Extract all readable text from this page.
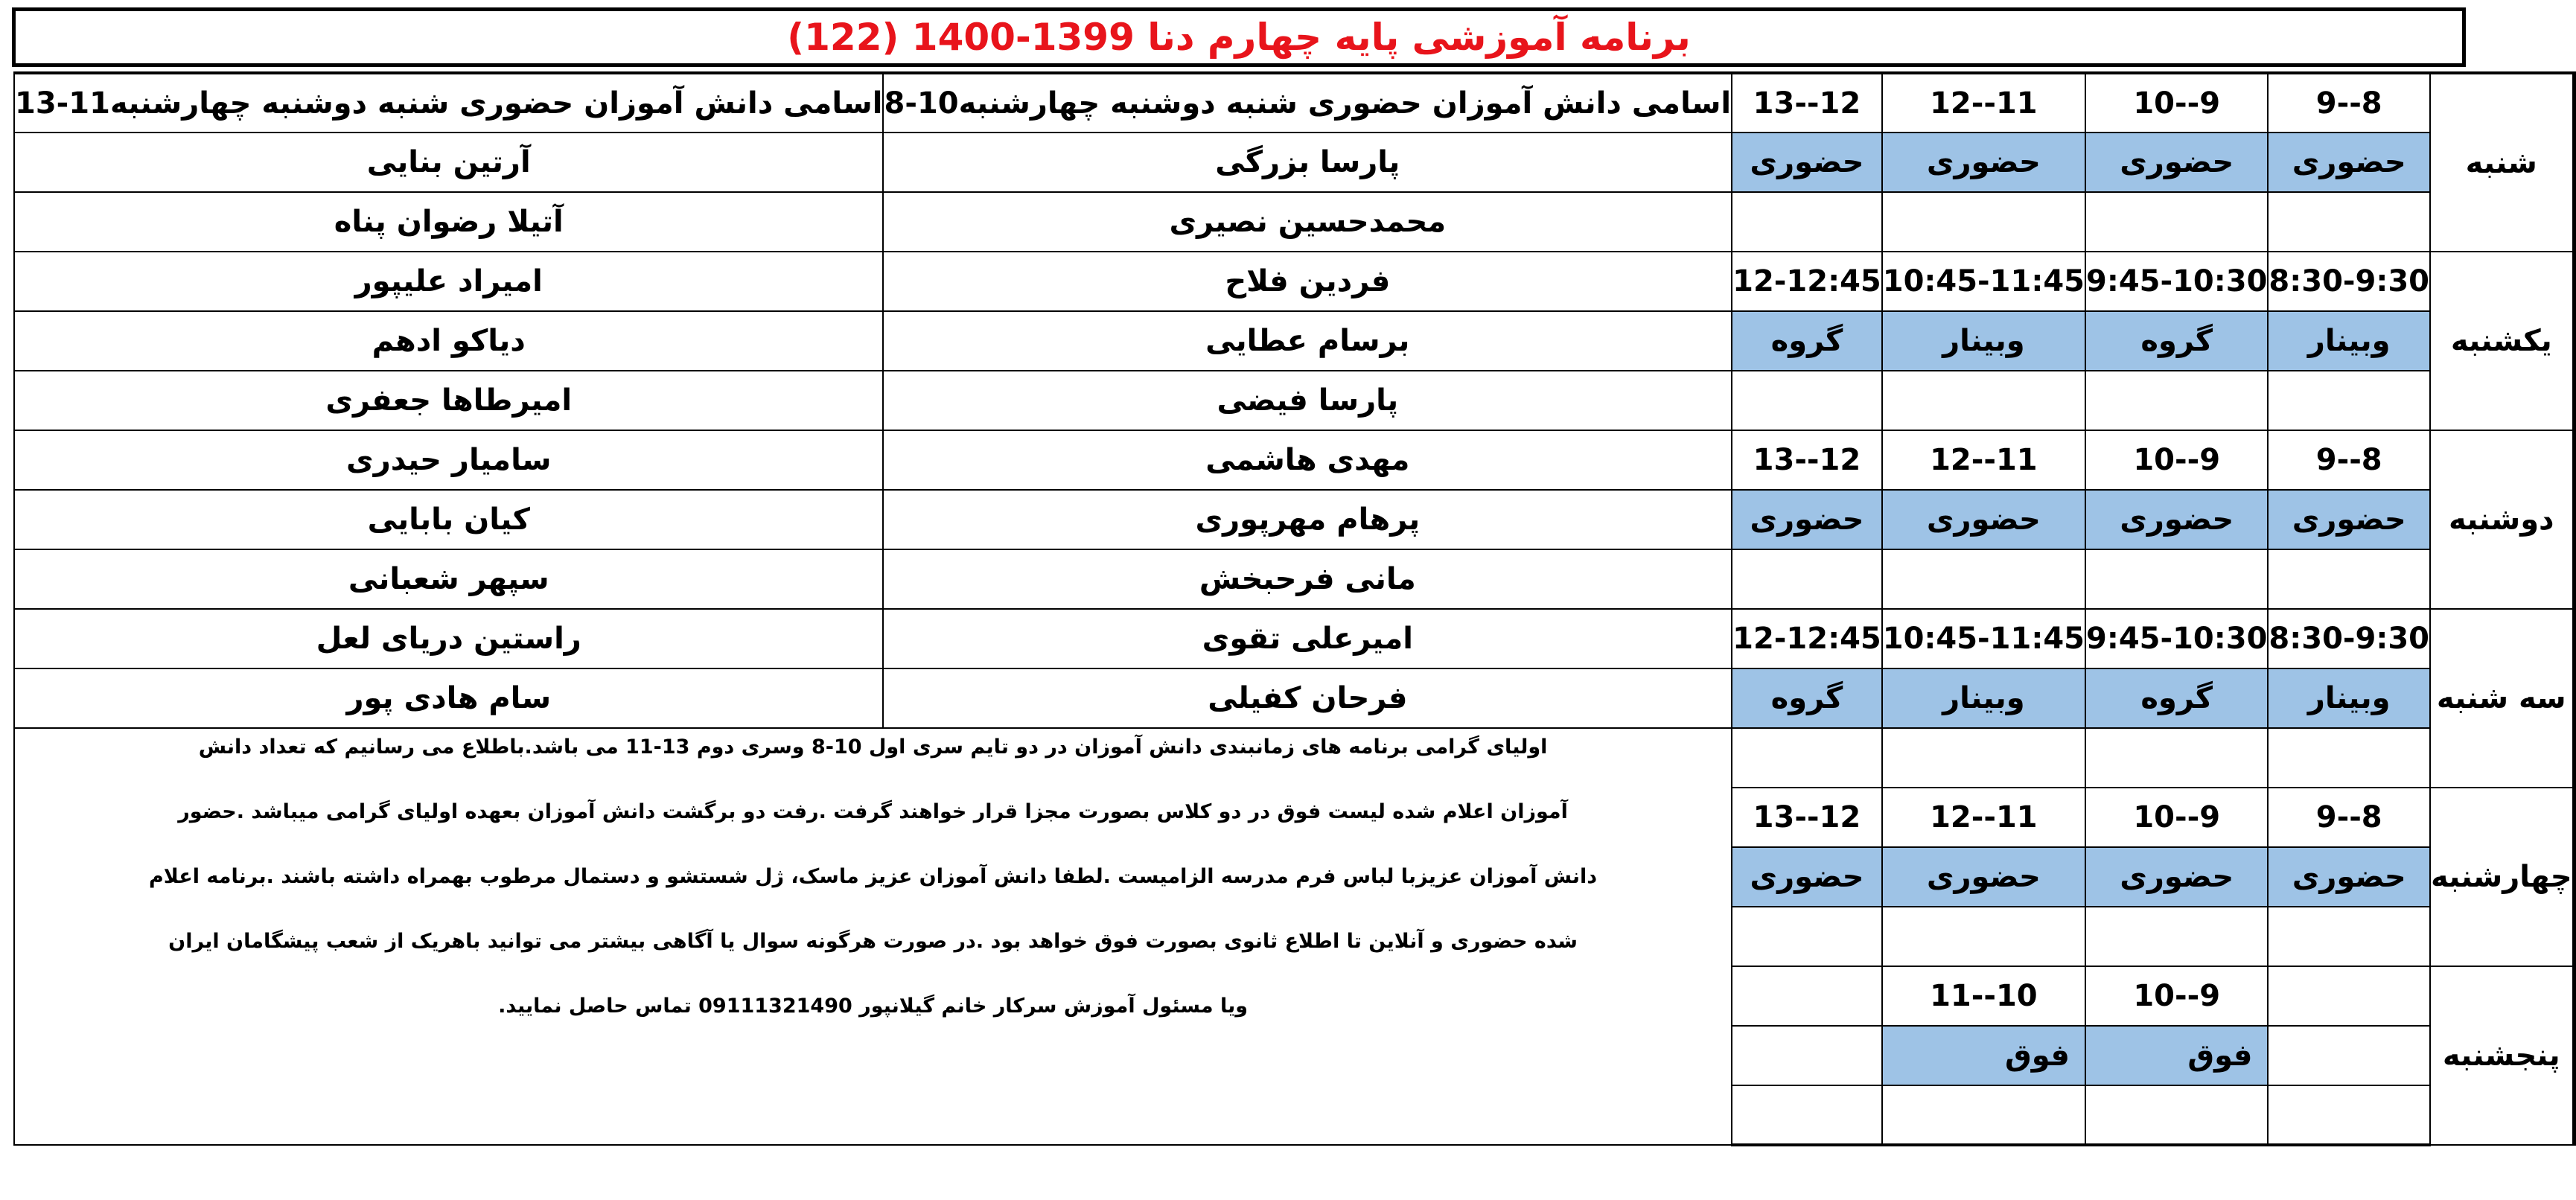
برنامه آموزشی پایه چهارم دنا 1399-1400 (122)
اسامی دانش آموزان حضوری شنبه دوشنبه چهارشنبه11-13	اسامی دانش آموزان حضوری شنبه دوشنبه چهارشنبه10-8	12--13	11--12	9--10	8--9	شنبه
آرتین بنایی	پارسا بزرگی	حضوری	حضوری	حضوری	حضوری	
آتیلا رضوان پناه	محمدحسین نصیری					
امیراد علیپور	فردین فلاح	12-12:45	10:45-11:45	9:45-10:30	8:30-9:30	یکشنبه
دیاکو ادهم	برسام عطایی	گروه	وبینار	گروه	وبینار	
امیرطاها جعفری	پارسا فیضی					
سامیار حیدری	مهدی هاشمی	12--13	11--12	9--10	8--9	دوشنبه
کیان بابایی	پرهام مهرپوری	حضوری	حضوری	حضوری	حضوری	
سپهر شعبانی	مانی فرحبخش					
راستین دریای لعل	امیرعلی تقوی	12-12:45	10:45-11:45	9:45-10:30	8:30-9:30	سه شنبه
سام هادی پور	فرحان کفیلی	گروه	وبینار	گروه	وبینار	

اولیای گرامی برنامه های زمانبندی دانش آموزان در دو تایم سری اول 10-8 وسری دوم 13-11 می باشد.باطلاع می رسانیم که تعداد دانش

آموزان اعلام شده لیست فوق در دو کلاس بصورت مجزا قرار خواهند گرفت .رفت دو برگشت دانش آموزان بعهده اولیای گرامی میباشد .حضور

دانش آموزان عزیزبا لباس فرم مدرسه الزامیست .لطفا دانش آموزان عزیز ماسک، ژل شستشو و دستمال مرطوب بهمراه داشته باشند .برنامه اعلام

شده حضوری و آنلاین تا اطلاع ثانوی بصورت فوق خواهد بود .در صورت هرگونه سوال یا آگاهی بیشتر می توانید باهریک از شعب پیشگامان ایران

ویا مسئول آموزش سرکار خانم گیلانپور 09111321490 تماس حاصل نمایید.						

		12--13	11--12	9--10	8--9	چهارشنبه
		حضوری	حضوری	حضوری	حضوری	

			10--11	9--10		پنجشنبه
			فوق	فوق		
